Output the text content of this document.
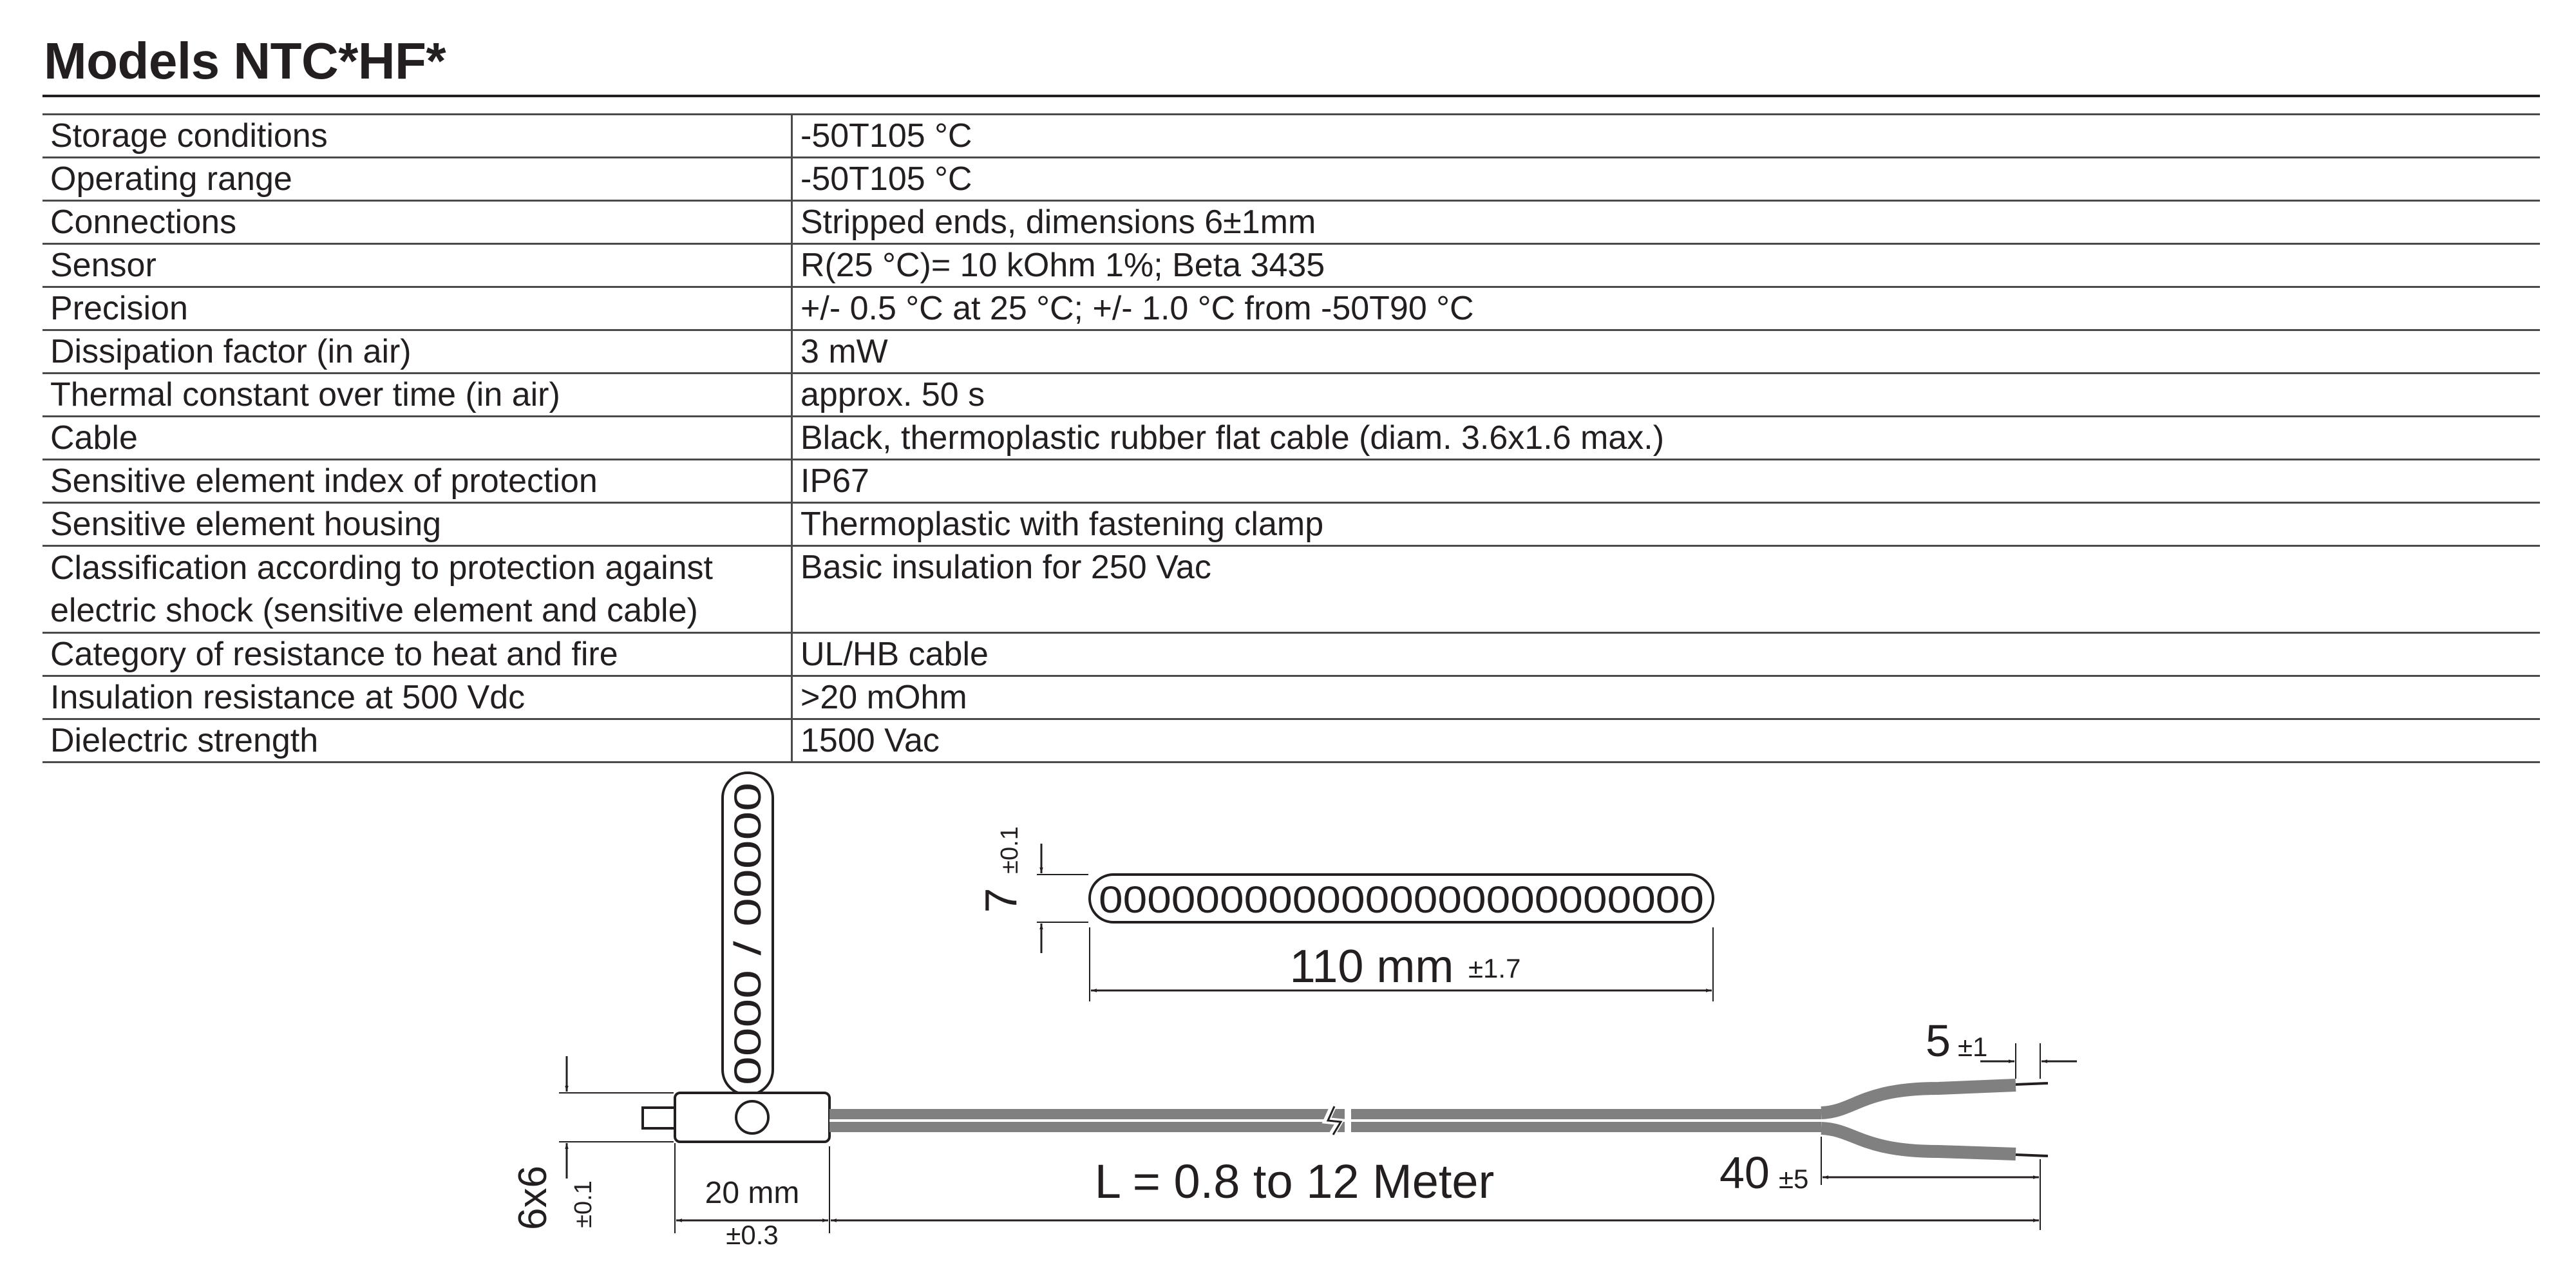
Models NTC*HF*
Storage conditions	-50T105 °C
Operating range	-50T105 °C
Connections	Stripped ends, dimensions 6±1mm
Sensor	R(25 °C)= 10 kOhm 1%; Beta 3435
Precision	+/- 0.5 °C at 25 °C; +/- 1.0 °C from -50T90 °C
Dissipation factor (in air)	3 mW
Thermal constant over time (in air)	approx. 50 s
Cable	Black, thermoplastic rubber flat cable (diam. 3.6x1.6 max.)
Sensitive element index of protection	IP67
Sensitive element housing	Thermoplastic with fastening clamp
Classification according to protection against electric shock (sensitive element and cable)	Basic insulation for 250 Vac
Category of resistance to heat and fire	UL/HB cable
Insulation resistance at 500 Vdc	>20 mOhm
Dielectric strength	1500 Vac
0000000000000000000000000
7
±0.1
110 mm ±1.7
0000 / 00000	5 ±1
40 ±5
L = 0.8 to 12 Meter
20 mm
±0.3
6x6 ±0.1
